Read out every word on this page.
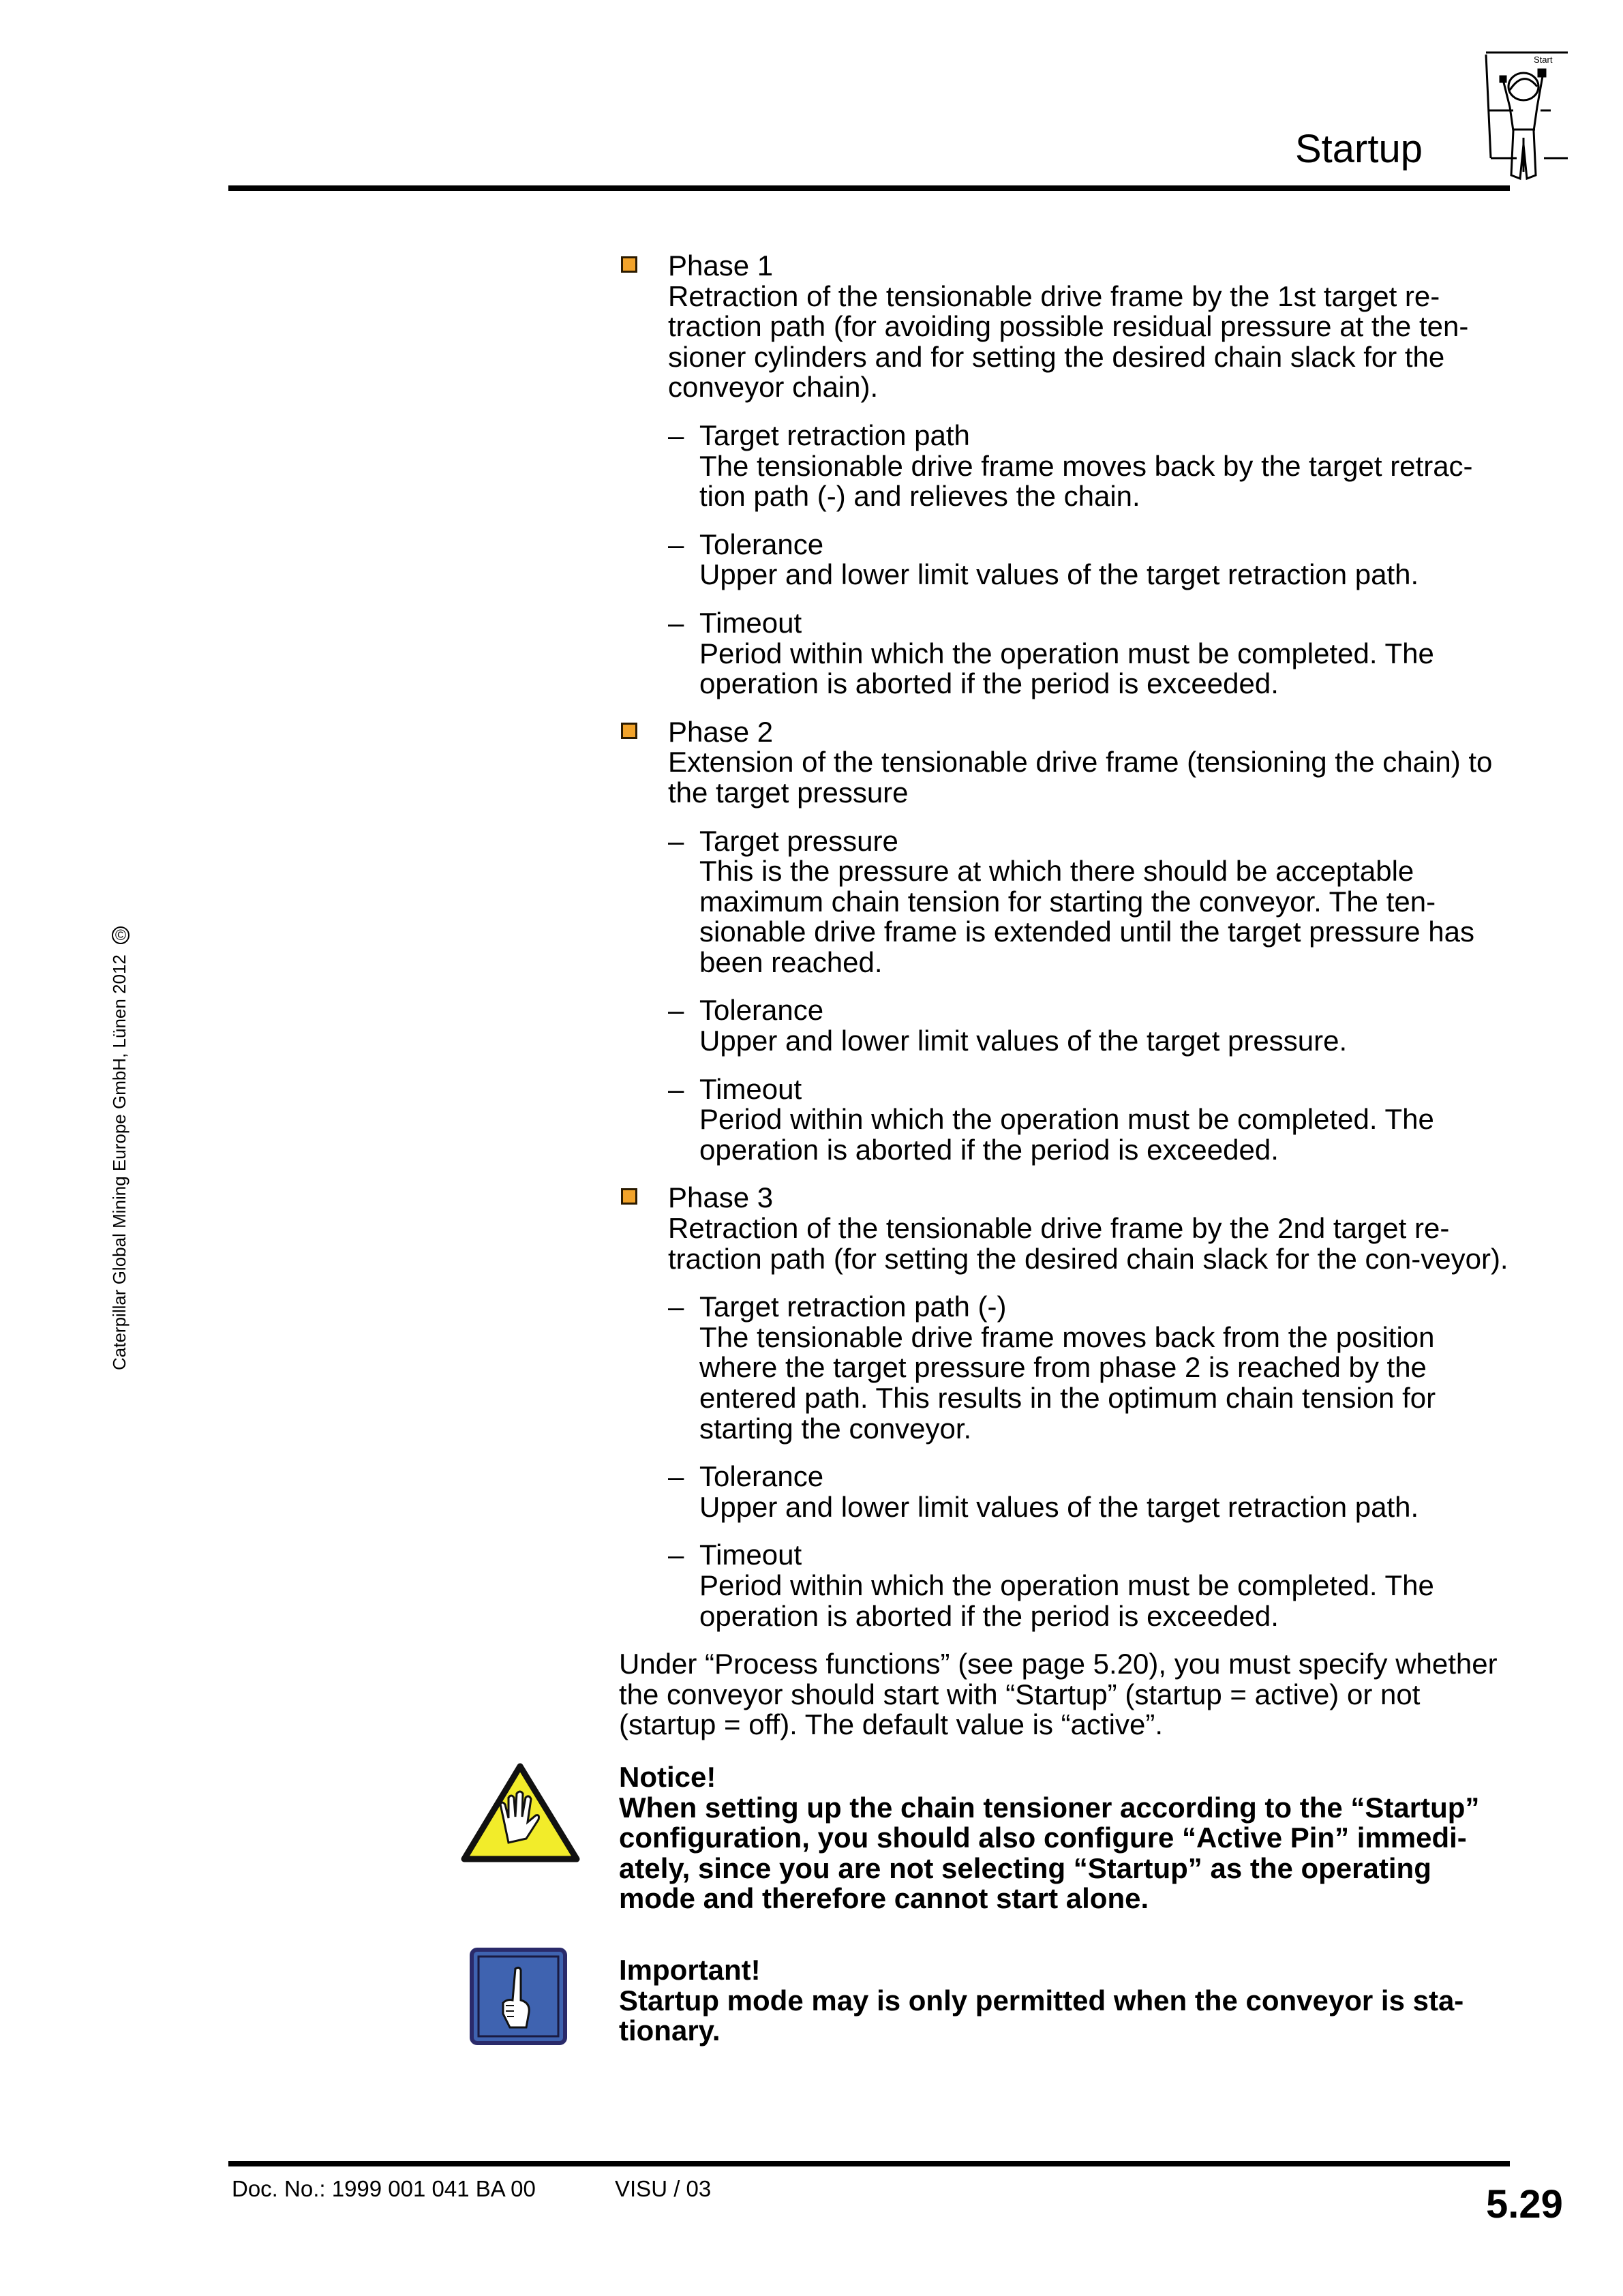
Startup
Start
Caterpillar Global Mining Europe GmbH, Lünen 2012 ©
Phase 1
Retraction of the tensionable drive frame by the 1st target re-traction path (for avoiding possible residual pressure at the ten-sioner cylinders and for setting the desired chain slack for the conveyor chain).
– Target retraction path
The tensionable drive frame moves back by the target retrac-tion path (-) and relieves the chain.
– Tolerance
Upper and lower limit values of the target retraction path.
– Timeout
Period within which the operation must be completed. The operation is aborted if the period is exceeded.
Phase 2
Extension of the tensionable drive frame (tensioning the chain) to the target pressure
– Target pressure
This is the pressure at which there should be acceptable maximum chain tension for starting the conveyor. The ten-sionable drive frame is extended until the target pressure has been reached.
– Tolerance
Upper and lower limit values of the target pressure.
– Timeout
Period within which the operation must be completed. The operation is aborted if the period is exceeded.
Phase 3
Retraction of the tensionable drive frame by the 2nd target re-traction path (for setting the desired chain slack for the con-veyor).
– Target retraction path (-)
The tensionable drive frame moves back from the position where the target pressure from phase 2 is reached by the entered path. This results in the optimum chain tension for starting the conveyor.
– Tolerance
Upper and lower limit values of the target retraction path.
– Timeout
Period within which the operation must be completed. The operation is aborted if the period is exceeded.
Under “Process functions” (see page 5.20), you must specify whether the conveyor should start with “Startup” (startup = active) or not (startup = off). The default value is “active”.
Notice!
When setting up the chain tensioner according to the “Startup” configuration, you should also configure “Active Pin” immedi-ately, since you are not selecting “Startup” as the operating mode and therefore cannot start alone.
Important!
Startup mode may is only permitted when the conveyor is sta-tionary.
Doc. No.: 1999 001 041 BA 00	VISU / 03	5.29
